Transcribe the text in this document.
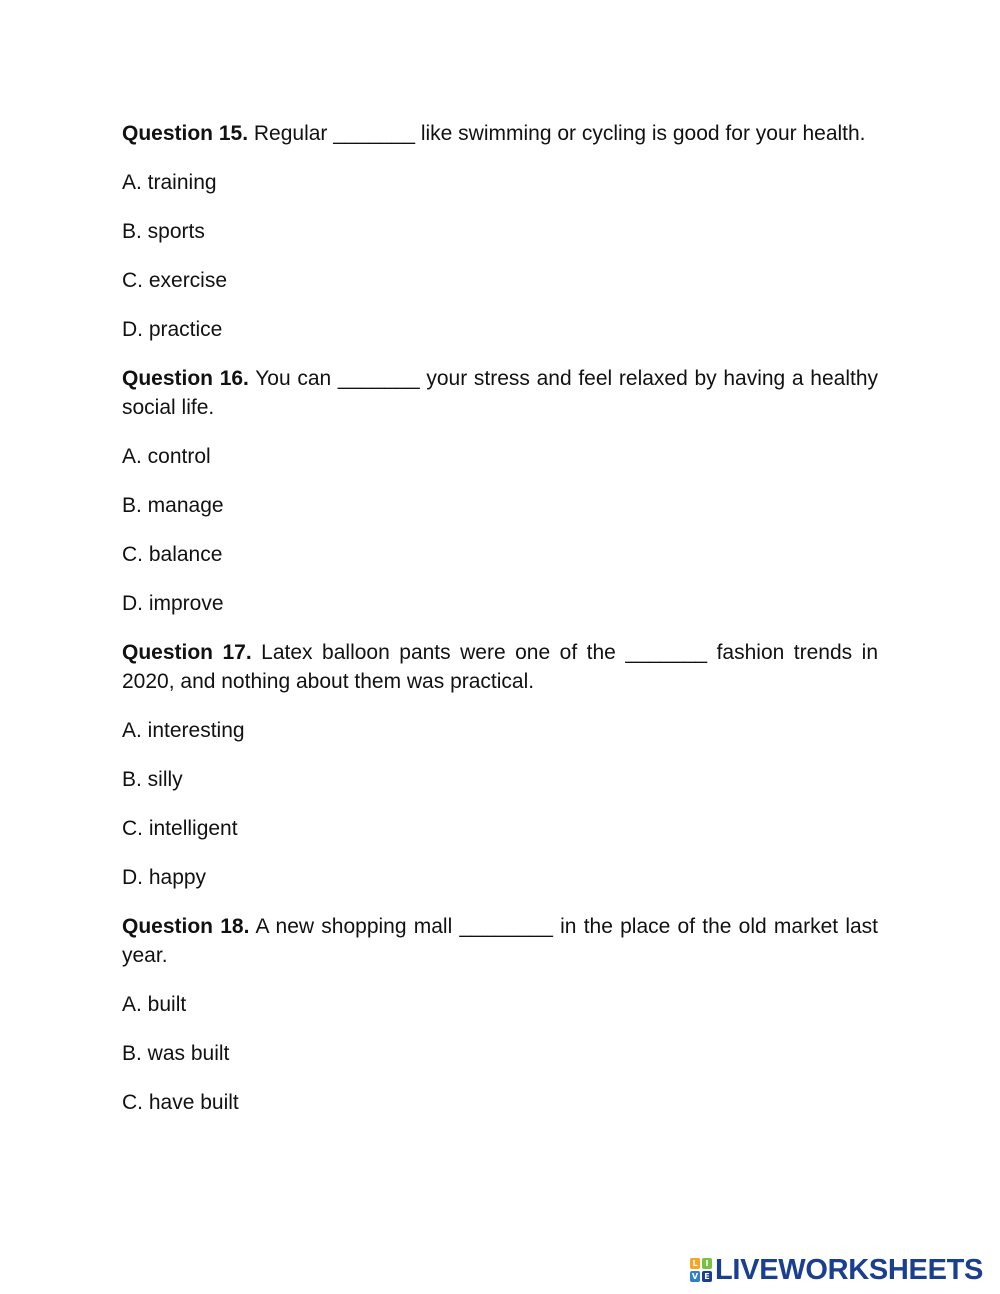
Question 15. Regular _______ like swimming or cycling is good for your health.

A. training
B. sports
C. exercise
D. practice

Question 16. You can _______ your stress and feel relaxed by having a healthy social life.

A. control
B. manage
C. balance
D. improve

Question 17. Latex balloon pants were one of the _______ fashion trends in 2020, and nothing about them was practical.

A. interesting
B. silly
C. intelligent
D. happy

Question 18. A new shopping mall ________ in the place of the old market last year.

A. built
B. was built
C. have built
L I
V E LIVEWORKSHEETS
